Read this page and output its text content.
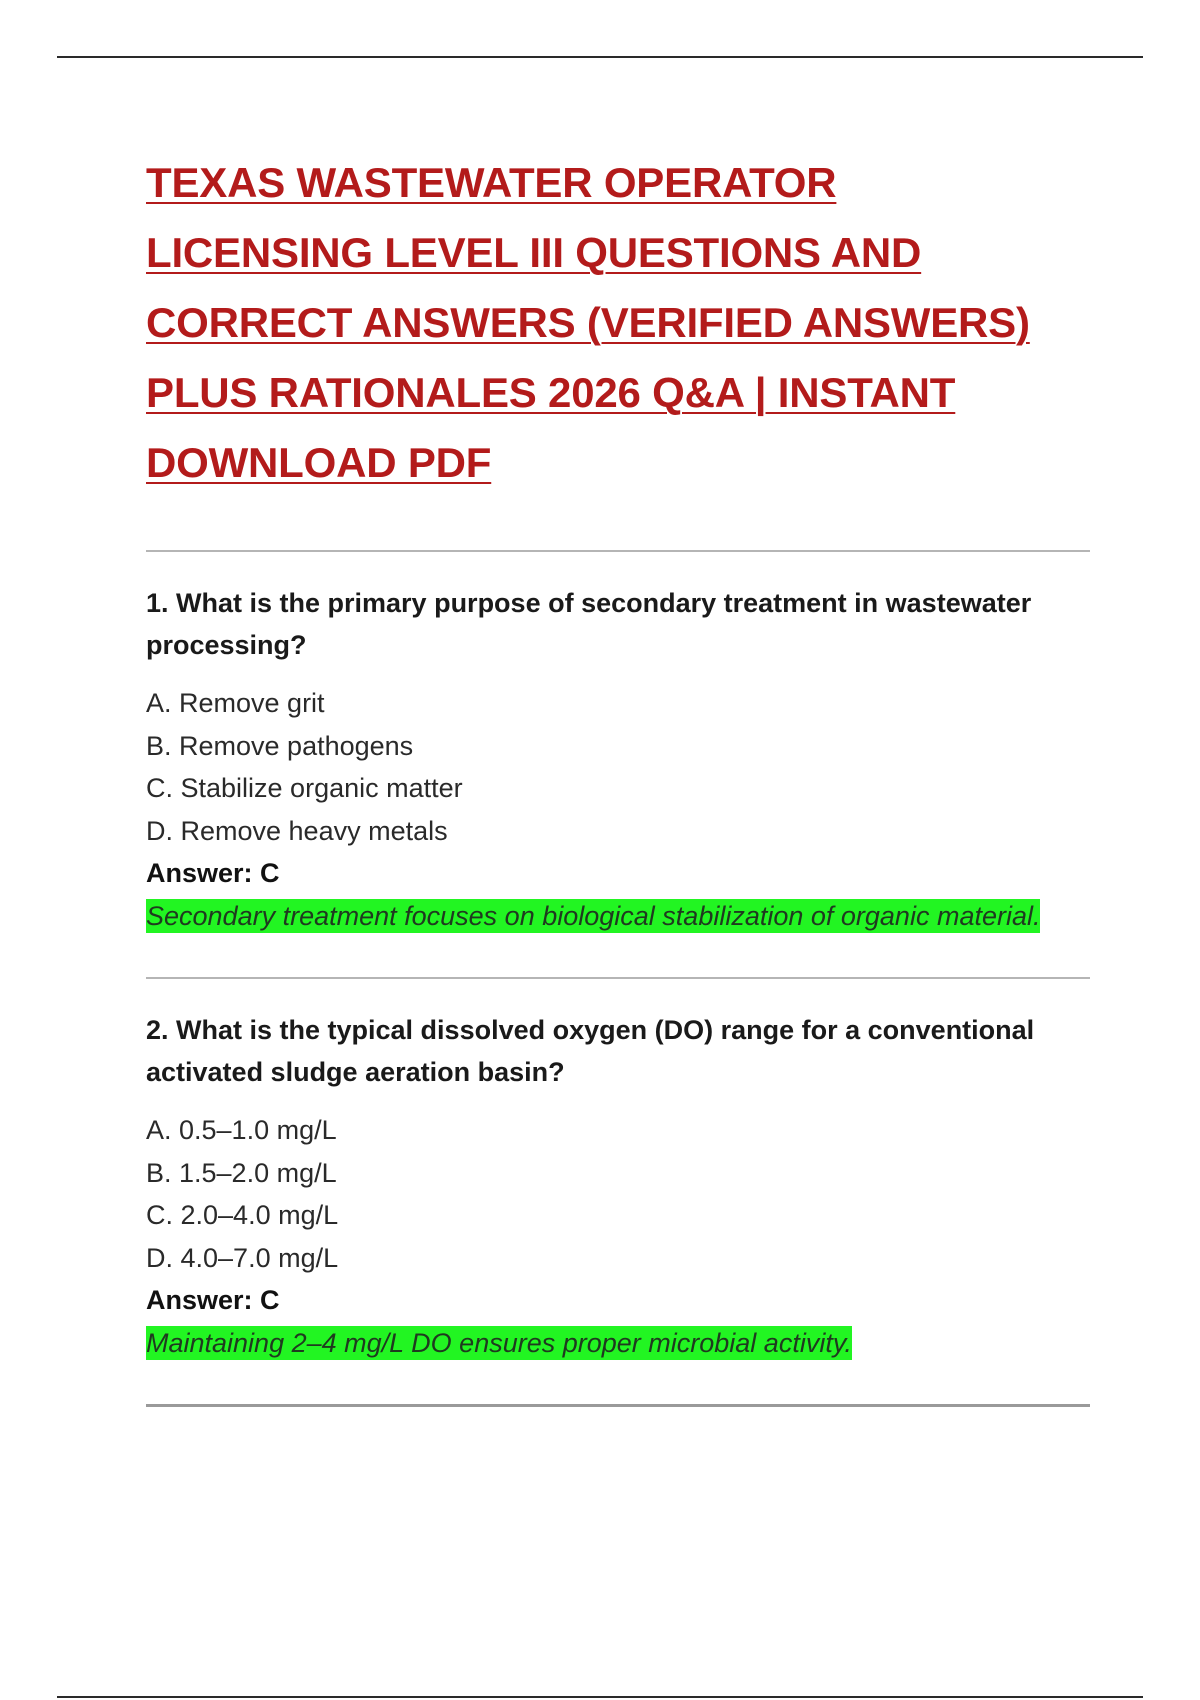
TEXAS WASTEWATER OPERATOR
LICENSING LEVEL III QUESTIONS AND
CORRECT ANSWERS (VERIFIED ANSWERS)
PLUS RATIONALES 2026 Q&A | INSTANT
DOWNLOAD PDF

1. What is the primary purpose of secondary treatment in wastewater processing?

A. Remove grit
B. Remove pathogens
C. Stabilize organic matter
D. Remove heavy metals
Answer: C
Secondary treatment focuses on biological stabilization of organic material.

2. What is the typical dissolved oxygen (DO) range for a conventional activated sludge aeration basin?

A. 0.5–1.0 mg/L
B. 1.5–2.0 mg/L
C. 2.0–4.0 mg/L
D. 4.0–7.0 mg/L
Answer: C
Maintaining 2–4 mg/L DO ensures proper microbial activity.
